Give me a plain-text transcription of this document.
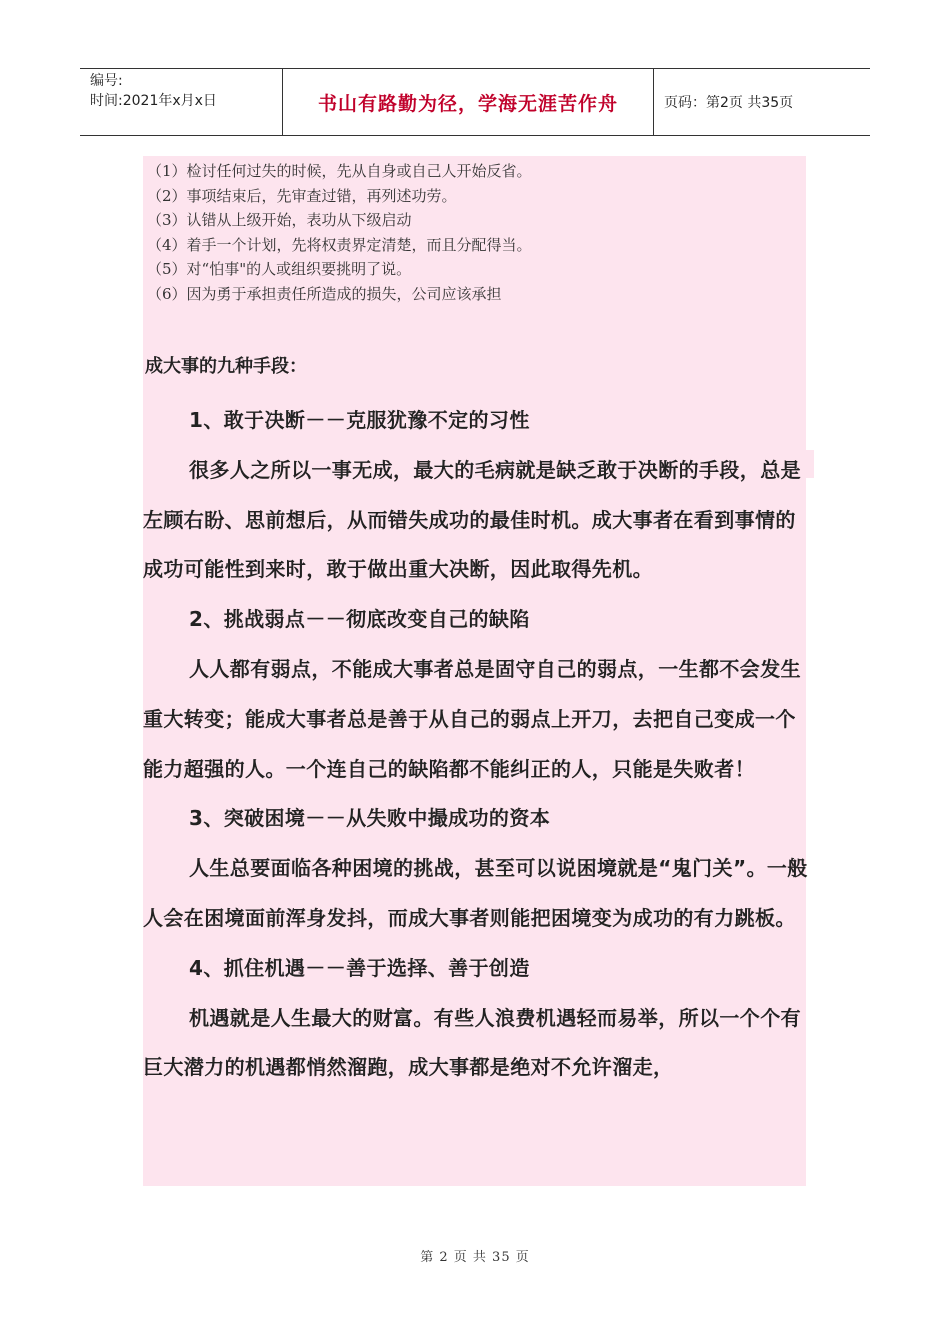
编号:
时间:2021年x月x日	书山有路勤为径，学海无涯苦作舟	页码：第2页 共35页

（1）检讨任何过失的时候，先从自身或自己人开始反省。

（2）事项结束后，先审查过错，再列述功劳。

（3）认错从上级开始，表功从下级启动

（4）着手一个计划，先将权责界定清楚，而且分配得当。

（5）对“怕事"的人或组织要挑明了说。

（6）因为勇于承担责任所造成的损失，公司应该承担

成大事的九种手段：

1、敢于决断－－克服犹豫不定的习性

很多人之所以一事无成，最大的毛病就是缺乏敢于决断的手段，总是左顾右盼、思前想后，从而错失成功的最佳时机。成大事者在看到事情的成功可能性到来时，敢于做出重大决断，因此取得先机。

2、挑战弱点－－彻底改变自己的缺陷

人人都有弱点，不能成大事者总是固守自己的弱点，一生都不会发生重大转变；能成大事者总是善于从自己的弱点上开刀，去把自己变成一个能力超强的人。一个连自己的缺陷都不能纠正的人，只能是失败者！

3、突破困境－－从失败中撮成功的资本

人生总要面临各种困境的挑战，甚至可以说困境就是“鬼门关”。一般人会在困境面前浑身发抖，而成大事者则能把困境变为成功的有力跳板。

4、抓住机遇－－善于选择、善于创造

机遇就是人生最大的财富。有些人浪费机遇轻而易举，所以一个个有巨大潜力的机遇都悄然溜跑，成大事都是绝对不允许溜走，

第 2 页 共 35 页
